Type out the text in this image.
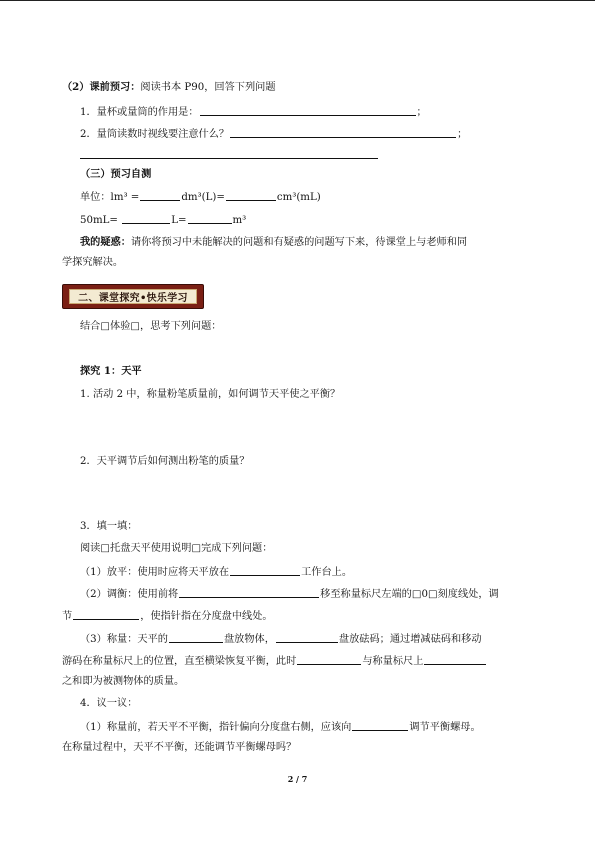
（2）课前预习：阅读书本 P90，回答下列问题
1．量杯或量筒的作用是：	；
2．量筒读数时视线要注意什么？	；
（三）预习自测
单位：lm³ =	dm³(L)=	cm³(mL)
50mL=	L=	m³
我的疑惑：请你将预习中未能解决的问题和有疑惑的问题写下来，待课堂上与老师和同
学探究解决。
二、课堂探究•快乐学习
结合□体验□，思考下列问题：
探究 1：天平
1. 活动 2 中，称量粉笔质量前，如何调节天平使之平衡？
2．天平调节后如何测出粉笔的质量？
3．填一填：
阅读□托盘天平使用说明□完成下列问题：
（1）放平：使用时应将天平放在	工作台上。
（2）调衡：使用前将	移至称量标尺左端的□0□刻度线处，调
节	，使指针指在分度盘中线处。
（3）称量：天平的	盘放物体，	盘放砝码；通过增减砝码和移动
游码在称量标尺上的位置，直至横梁恢复平衡，此时	与称量标尺上
之和即为被测物体的质量。
4．议一议：
（1）称量前，若天平不平衡，指针偏向分度盘右侧，应该向	调节平衡螺母。
在称量过程中，天平不平衡，还能调节平衡螺母吗？
2 / 7
